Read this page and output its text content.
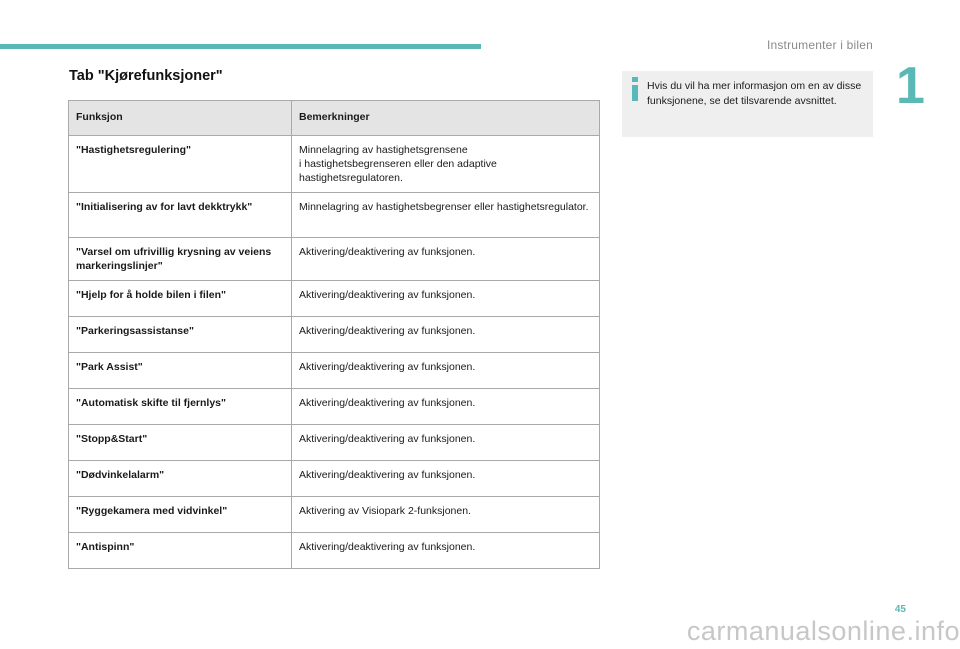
Instrumenter i bilen
1
Tab "Kjørefunksjoner"
Funksjon	Bemerkninger
"Hastighetsregulering"	Minnelagring av hastighetsgrensene
i hastighetsbegrenseren eller den adaptive hastighetsregulatoren.
"Initialisering av for lavt dekktrykk"	Minnelagring av hastighetsbegrenser eller hastighetsregulator.
"Varsel om ufrivillig krysning av veiens markeringslinjer"	Aktivering/deaktivering av funksjonen.
"Hjelp for å holde bilen i filen"	Aktivering/deaktivering av funksjonen.
"Parkeringsassistanse"	Aktivering/deaktivering av funksjonen.
"Park Assist"	Aktivering/deaktivering av funksjonen.
"Automatisk skifte til fjernlys"	Aktivering/deaktivering av funksjonen.
"Stopp&Start"	Aktivering/deaktivering av funksjonen.
"Dødvinkelalarm"	Aktivering/deaktivering av funksjonen.
"Ryggekamera med vidvinkel"	Aktivering av Visiopark 2-funksjonen.
"Antispinn"	Aktivering/deaktivering av funksjonen.
Hvis du vil ha mer informasjon om en av disse funksjonene, se det tilsvarende avsnittet.
45
carmanualsonline.info
